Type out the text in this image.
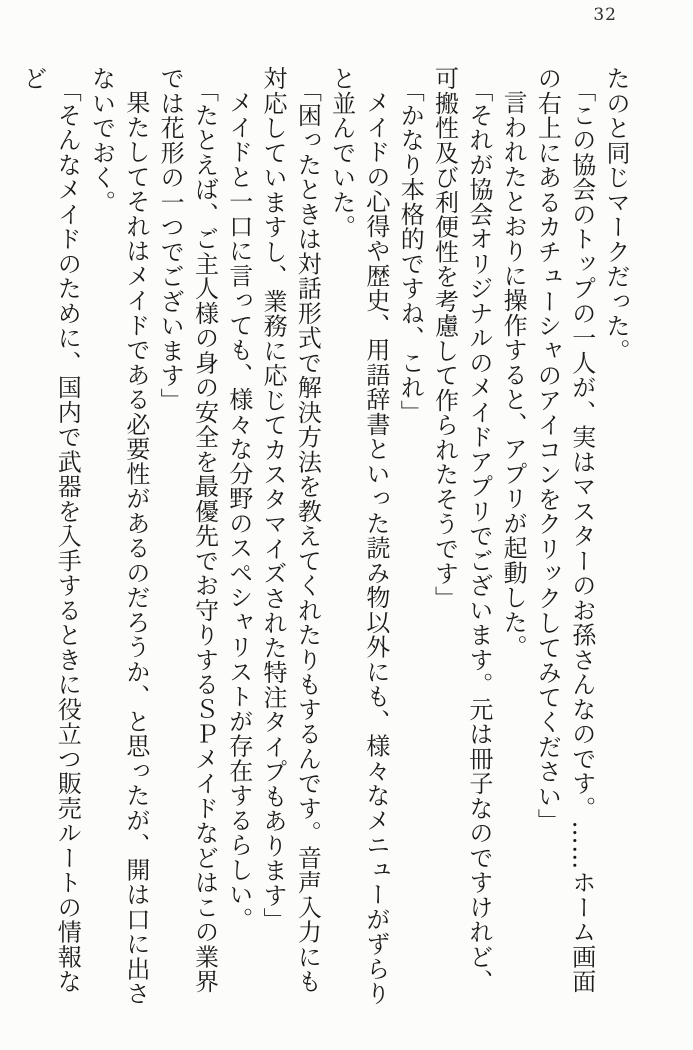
32

たのと同じマークだった。

「この協会のトップの一人が、実はマスターのお孫さんなのです。……ホーム画面の右上にあるカチューシャのアイコンをクリックしてみてください」

言われたとおりに操作すると、アプリが起動した。

「それが協会オリジナルのメイドアプリでございます。元は冊子なのですけれど、可搬性及び利便性を考慮して作られたそうです」

「かなり本格的ですね、これ」

メイドの心得や歴史、用語辞書といった読み物以外にも、様々なメニューがずらりと並んでいた。

「困ったときは対話形式で解決方法を教えてくれたりもするんです。音声入力にも対応していますし、業務に応じてカスタマイズされた特注タイプもあります」

メイドと一口に言っても、様々な分野のスペシャリストが存在するらしい。

「たとえば、ご主人様の身の安全を最優先でお守りするＳＰメイドなどはこの業界では花形の一つでございます」

果たしてそれはメイドである必要性があるのだろうか、と思ったが、開は口に出さないでおく。

「そんなメイドのために、国内で武器を入手するときに役立つ販売ルートの情報など
